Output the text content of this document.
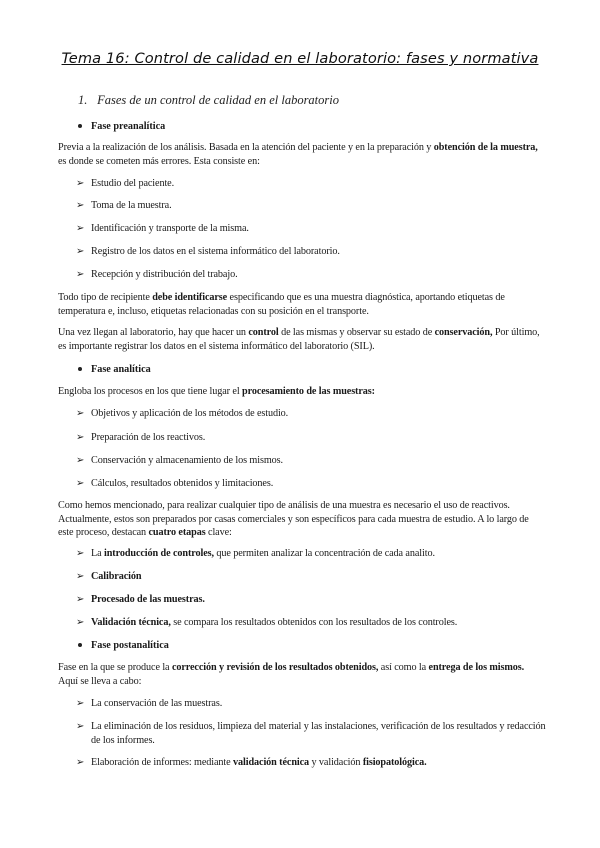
Tema 16: Control de calidad en el laboratorio: fases y normativa
1. Fases de un control de calidad en el laboratorio
Fase preanalítica
Previa a la realización de los análisis. Basada en la atención del paciente y en la preparación y obtención de la muestra, es donde se cometen más errores. Esta consiste en:
➢ Estudio del paciente.
➢ Toma de la muestra.
➢ Identificación y transporte de la misma.
➢ Registro de los datos en el sistema informático del laboratorio.
➢ Recepción y distribución del trabajo.
Todo tipo de recipiente debe identificarse especificando que es una muestra diagnóstica, aportando etiquetas de temperatura e, incluso, etiquetas relacionadas con su posición en el transporte.
Una vez llegan al laboratorio, hay que hacer un control de las mismas y observar su estado de conservación, Por último, es importante registrar los datos en el sistema informático del laboratorio (SIL).
Fase analítica
Engloba los procesos en los que tiene lugar el procesamiento de las muestras:
➢ Objetivos y aplicación de los métodos de estudio.
➢ Preparación de los reactivos.
➢ Conservación y almacenamiento de los mismos.
➢ Cálculos, resultados obtenidos y limitaciones.
Como hemos mencionado, para realizar cualquier tipo de análisis de una muestra es necesario el uso de reactivos. Actualmente, estos son preparados por casas comerciales y son específicos para cada muestra de estudio. A lo largo de este proceso, destacan cuatro etapas clave:
➢ La introducción de controles, que permiten analizar la concentración de cada analito.
➢ Calibración
➢ Procesado de las muestras.
➢ Validación técnica, se compara los resultados obtenidos con los resultados de los controles.
Fase postanalítica
Fase en la que se produce la corrección y revisión de los resultados obtenidos, así como la entrega de los mismos. Aquí se lleva a cabo:
➢ La conservación de las muestras.
➢ La eliminación de los residuos, limpieza del material y las instalaciones, verificación de los resultados y redacción de los informes.
➢ Elaboración de informes: mediante validación técnica y validación fisiopatológica.
